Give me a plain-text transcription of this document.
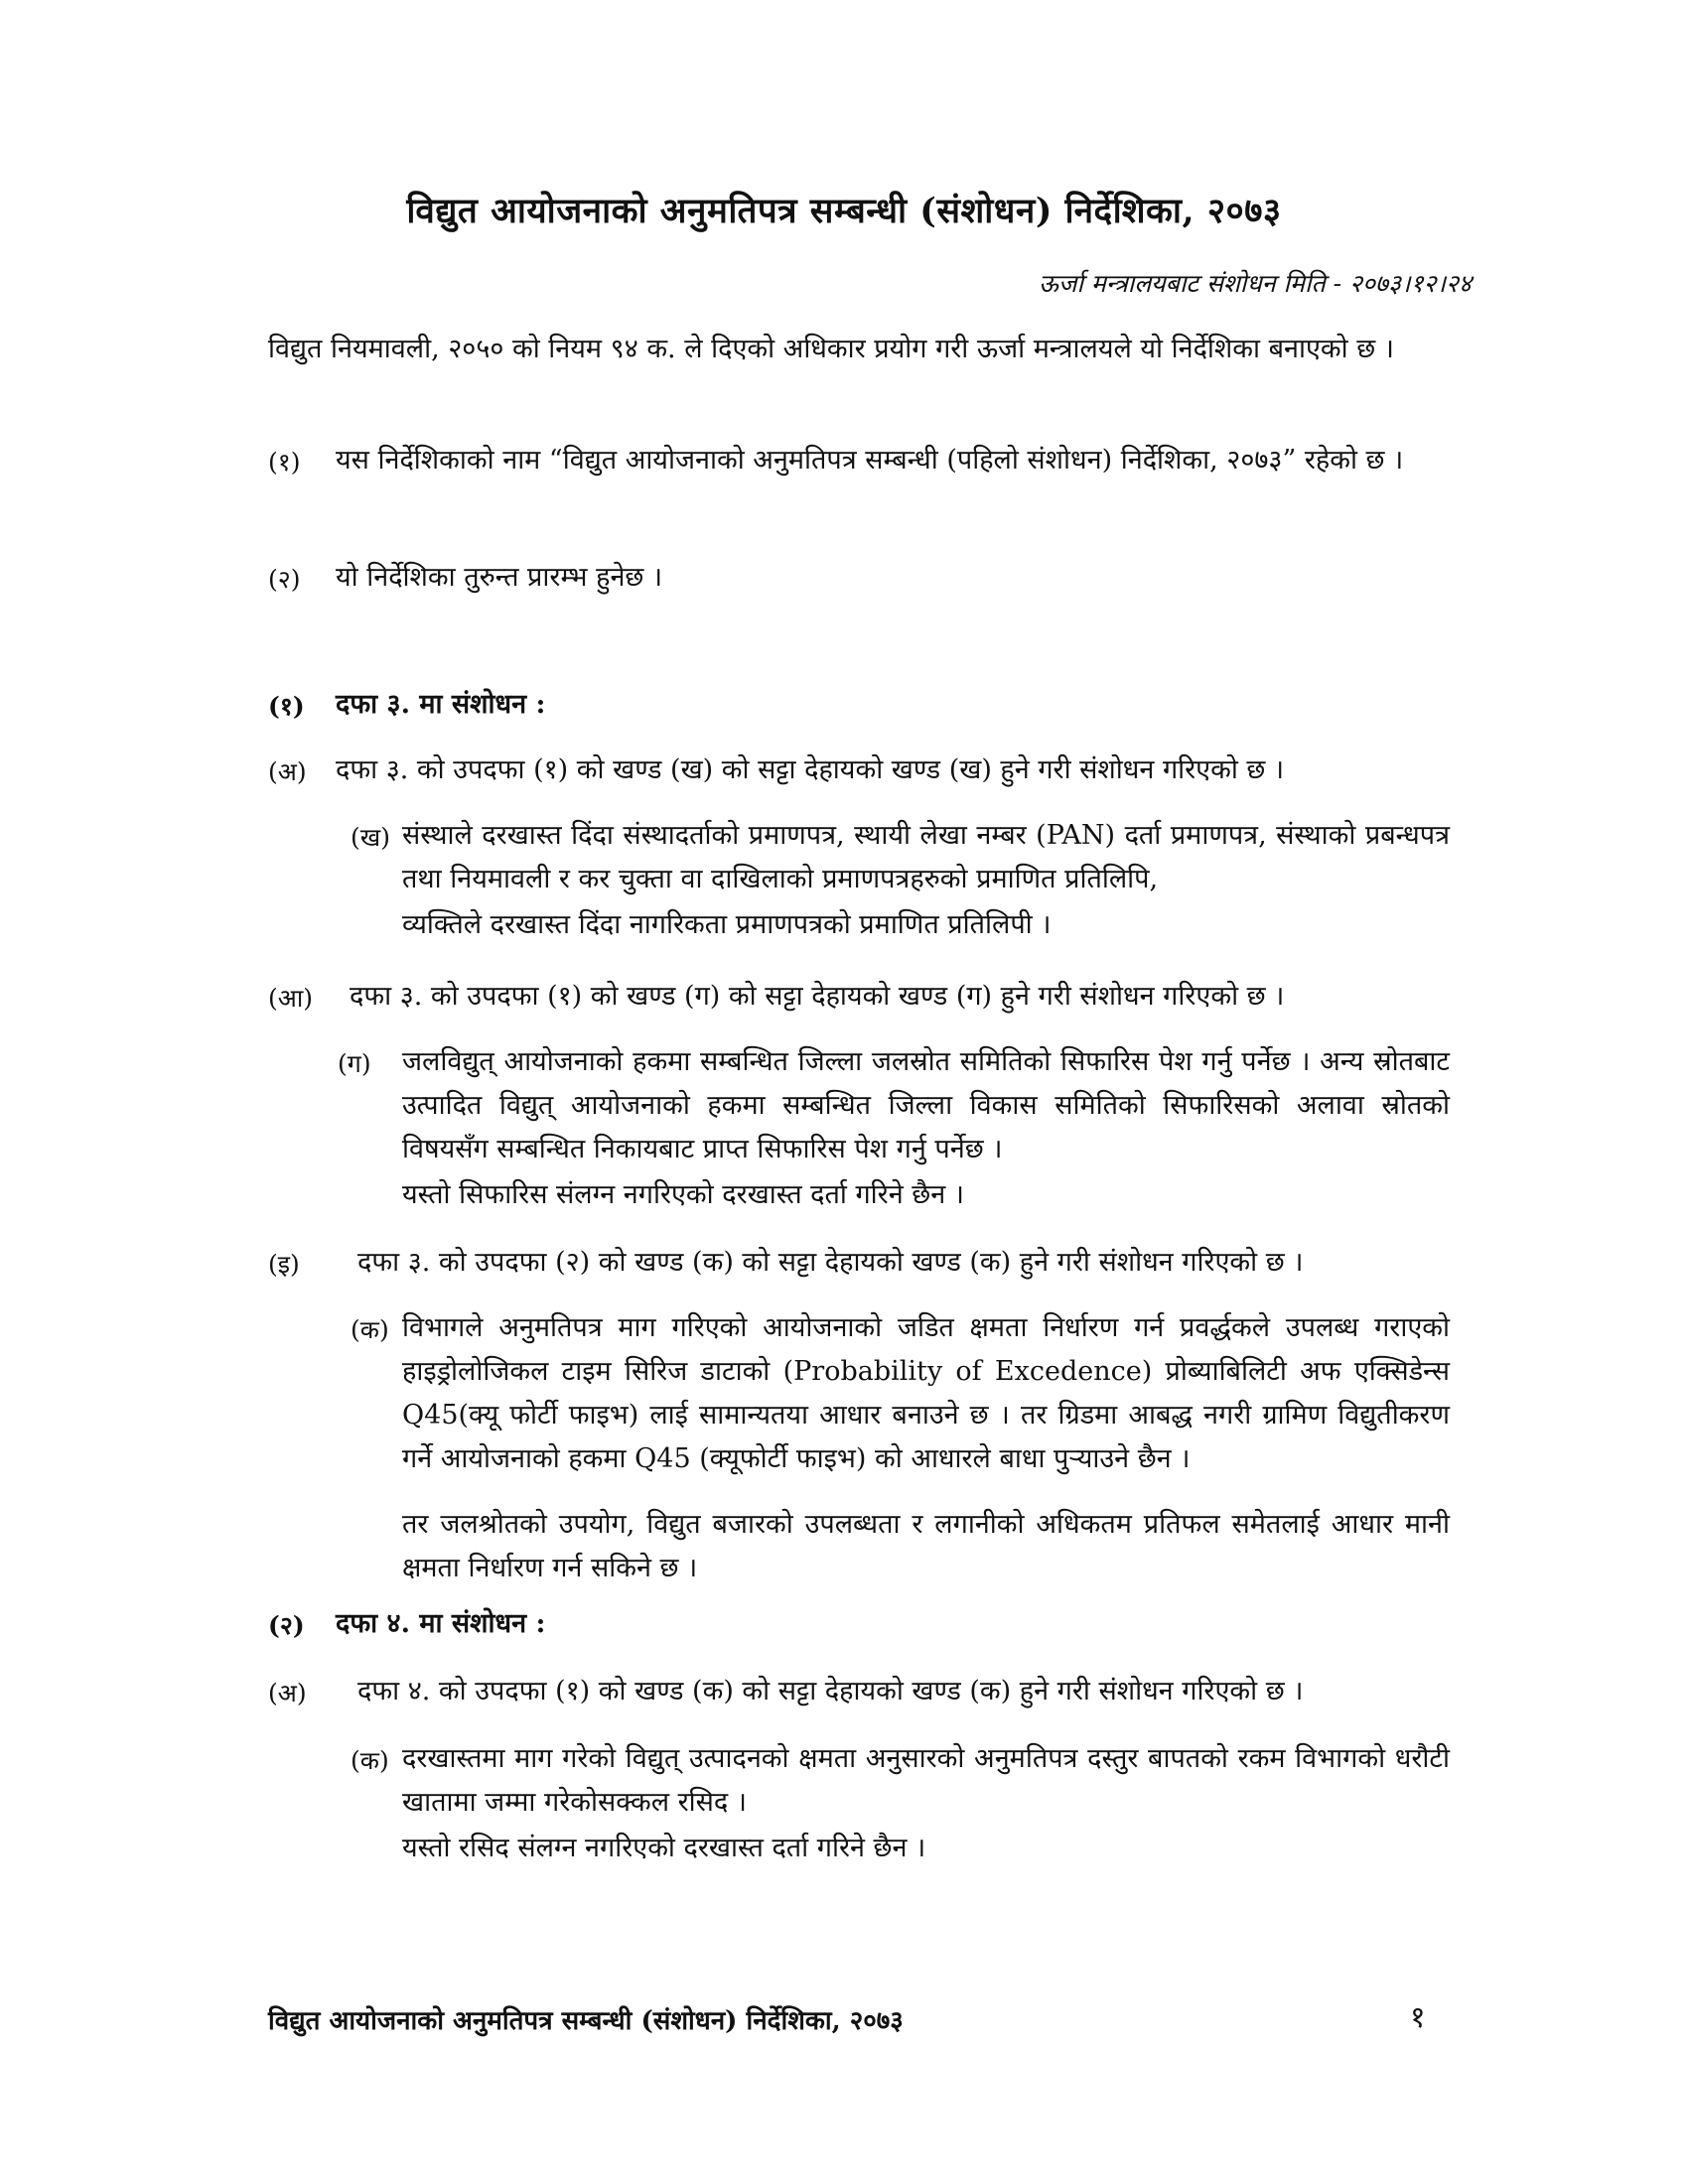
विद्युत आयोजनाको अनुमतिपत्र सम्बन्धी (संशोधन) निर्देशिका, २०७३
ऊर्जा मन्त्रालयबाट संशोधन मिति - २०७३।१२।२४
विद्युत नियमावली, २०५० को नियम ९४ क. ले दिएको अधिकार प्रयोग गरी ऊर्जा मन्त्रालयले यो निर्देशिका बनाएको छ ।
(१) यस निर्देशिकाको नाम “विद्युत आयोजनाको अनुमतिपत्र सम्बन्धी (पहिलो संशोधन) निर्देशिका, २०७३” रहेको छ ।
(२) यो निर्देशिका तुरुन्त प्रारम्भ हुनेछ ।
(१) दफा ३. मा संशोधन :
(अ) दफा ३. को उपदफा (१) को खण्ड (ख) को सट्टा देहायको खण्ड (ख) हुने गरी संशोधन गरिएको छ ।
(ख) संस्थाले दरखास्त दिंदा संस्थादर्ताको प्रमाणपत्र, स्थायी लेखा नम्बर (PAN) दर्ता प्रमाणपत्र, संस्थाको प्रबन्धपत्र तथा नियमावली र कर चुक्ता वा दाखिलाको प्रमाणपत्रहरुको प्रमाणित प्रतिलिपि,
व्यक्तिले दरखास्त दिंदा नागरिकता प्रमाणपत्रको प्रमाणित प्रतिलिपी ।
(आ) दफा ३. को उपदफा (१) को खण्ड (ग) को सट्टा देहायको खण्ड (ग) हुने गरी संशोधन गरिएको छ ।
(ग) जलविद्युत् आयोजनाको हकमा सम्बन्धित जिल्ला जलस्रोत समितिको सिफारिस पेश गर्नु पर्नेछ । अन्य स्रोतबाट उत्पादित विद्युत् आयोजनाको हकमा सम्बन्धित जिल्ला विकास समितिको सिफारिसको अलावा स्रोतको विषयसँग सम्बन्धित निकायबाट प्राप्त सिफारिस पेश गर्नु पर्नेछ ।
यस्तो सिफारिस संलग्न नगरिएको दरखास्त दर्ता गरिने छैन ।
(इ) दफा ३. को उपदफा (२) को खण्ड (क) को सट्टा देहायको खण्ड (क) हुने गरी संशोधन गरिएको छ ।
(क) विभागले अनुमतिपत्र माग गरिएको आयोजनाको जडित क्षमता निर्धारण गर्न प्रवर्द्धकले उपलब्ध गराएको हाइड्रोलोजिकल टाइम सिरिज डाटाको (Probability of Excedence) प्रोब्याबिलिटी अफ एक्सिडेन्स Q45(क्यू फोर्टी फाइभ) लाई सामान्यतया आधार बनाउने छ । तर ग्रिडमा आबद्ध नगरी ग्रामिण विद्युतीकरण गर्ने आयोजनाको हकमा Q45 (क्यूफोर्टी फाइभ) को आधारले बाधा पुऱ्याउने छैन ।
तर जलश्रोतको उपयोग, विद्युत बजारको उपलब्धता र लगानीको अधिकतम प्रतिफल समेतलाई आधार मानी क्षमता निर्धारण गर्न सकिने छ ।
(२) दफा ४. मा संशोधन :
(अ) दफा ४. को उपदफा (१) को खण्ड (क) को सट्टा देहायको खण्ड (क) हुने गरी संशोधन गरिएको छ ।
(क) दरखास्तमा माग गरेको विद्युत् उत्पादनको क्षमता अनुसारको अनुमतिपत्र दस्तुर बापतको रकम विभागको धरौटी खातामा जम्मा गरेकोसक्कल रसिद ।
यस्तो रसिद संलग्न नगरिएको दरखास्त दर्ता गरिने छैन ।
विद्युत आयोजनाको अनुमतिपत्र सम्बन्धी (संशोधन) निर्देशिका, २०७३	१
